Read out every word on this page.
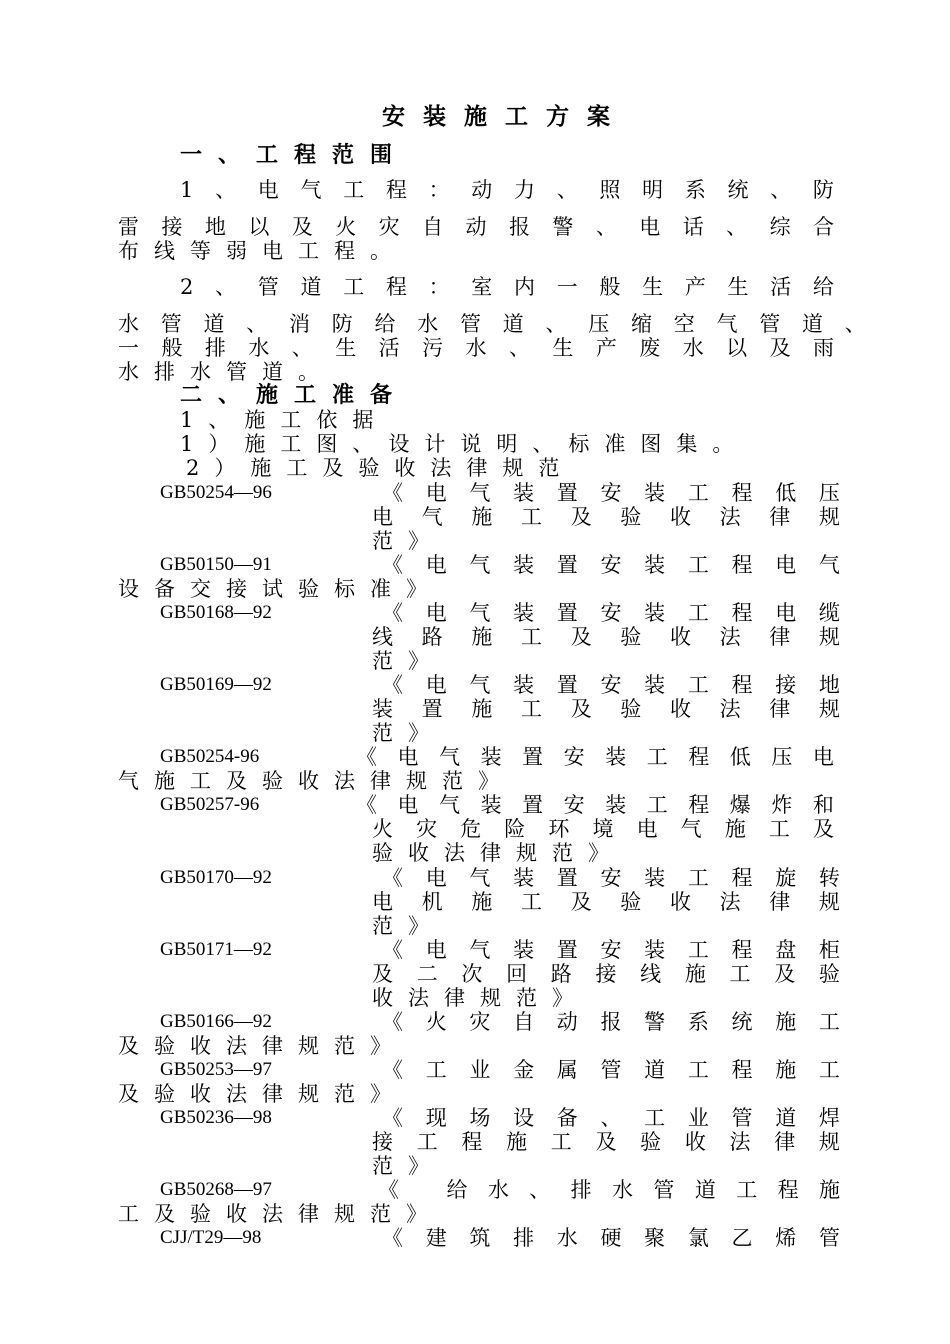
安装施工方案
一、工程范围
1 、 电 气 工 程 ： 动 力 、 照 明 系 统 、 防
雷 接 地 以 及 火 灾 自 动 报 警 、 电 话 、 综 合
布线等弱电工程。
2 、 管 道 工 程 ： 室 内 一 般 生 产 生 活 给
水 管 道 、 消 防 给 水 管 道 、 压 缩 空 气 管 道 、
一 般 排 水 、 生 活 污 水 、 生 产 废 水 以 及 雨
水排水管道。
二、施工准备
1、施工依据
1）施工图、设计说明、标准图集。
2）施工及验收法律规范
GB50254—96	《 电 气 装 置 安 装 工 程 低 压
电 气 施 工 及 验 收 法 律 规
范》
GB50150—91	《 电 气 装 置 安 装 工 程 电 气
设备交接试验标准》
GB50168—92	《 电 气 装 置 安 装 工 程 电 缆
线 路 施 工 及 验 收 法 律 规
范》
GB50169—92	《 电 气 装 置 安 装 工 程 接 地
装 置 施 工 及 验 收 法 律 规
范》
GB50254-96	《 电 气 装 置 安 装 工 程 低 压 电
气施工及验收法律规范》
GB50257-96	《 电 气 装 置 安 装 工 程 爆 炸 和
火 灾 危 险 环 境 电 气 施 工 及
验收法律规范》
GB50170—92	《 电 气 装 置 安 装 工 程 旋 转
电 机 施 工 及 验 收 法 律 规
范》
GB50171—92	《 电 气 装 置 安 装 工 程 盘 柜
及 二 次 回 路 接 线 施 工 及 验
收法律规范》
GB50166—92	《 火 灾 自 动 报 警 系 统 施 工
及验收法律规范》
GB50253—97	《 工 业 金 属 管 道 工 程 施 工
及验收法律规范》
GB50236—98	《 现 场 设 备 、 工 业 管 道 焊
接 工 程 施 工 及 验 收 法 律 规
范》
GB50268—97	《
给 水 、 排 水 管 道 工 程 施
工及验收法律规范》
CJJ/T29—98	《 建 筑 排 水 硬 聚 氯 乙 烯 管
